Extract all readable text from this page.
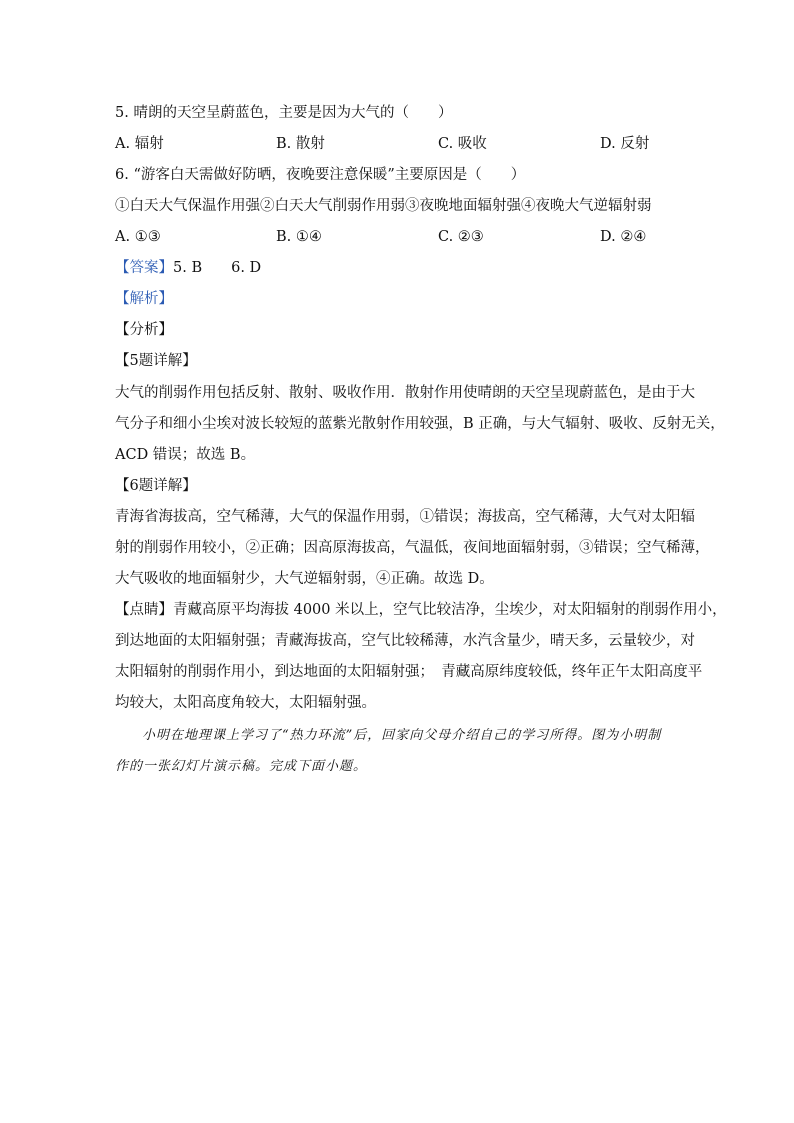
5. 晴朗的天空呈蔚蓝色，主要是因为大气的（　　）
A. 辐射	B. 散射	C. 吸收	D. 反射
6. “游客白天需做好防晒，夜晚要注意保暖”主要原因是（　　）
①白天大气保温作用强②白天大气削弱作用弱③夜晚地面辐射强④夜晚大气逆辐射弱
A. ①③	B. ①④	C. ②③	D. ②④
【答案】5. B　　6. D
【解析】
【分析】
【5题详解】
大气的削弱作用包括反射、散射、吸收作用．散射作用使晴朗的天空呈现蔚蓝色，是由于大
气分子和细小尘埃对波长较短的蓝紫光散射作用较强，B 正确，与大气辐射、吸收、反射无关，
ACD 错误；故选 B。
【6题详解】
青海省海拔高，空气稀薄，大气的保温作用弱，①错误；海拔高，空气稀薄，大气对太阳辐
射的削弱作用较小，②正确；因高原海拔高，气温低，夜间地面辐射弱，③错误；空气稀薄，
大气吸收的地面辐射少，大气逆辐射弱，④正确。故选 D。
【点睛】青藏高原平均海拔 4000 米以上，空气比较洁净，尘埃少，对太阳辐射的削弱作用小，
到达地面的太阳辐射强；青藏海拔高，空气比较稀薄，水汽含量少，晴天多，云量较少，对
太阳辐射的削弱作用小，到达地面的太阳辐射强；　青藏高原纬度较低，终年正午太阳高度平
均较大，太阳高度角较大，太阳辐射强。
小明在地理课上学习了“热力环流”后，回家向父母介绍自己的学习所得。图为小明制
作的一张幻灯片演示稿。完成下面小题。
